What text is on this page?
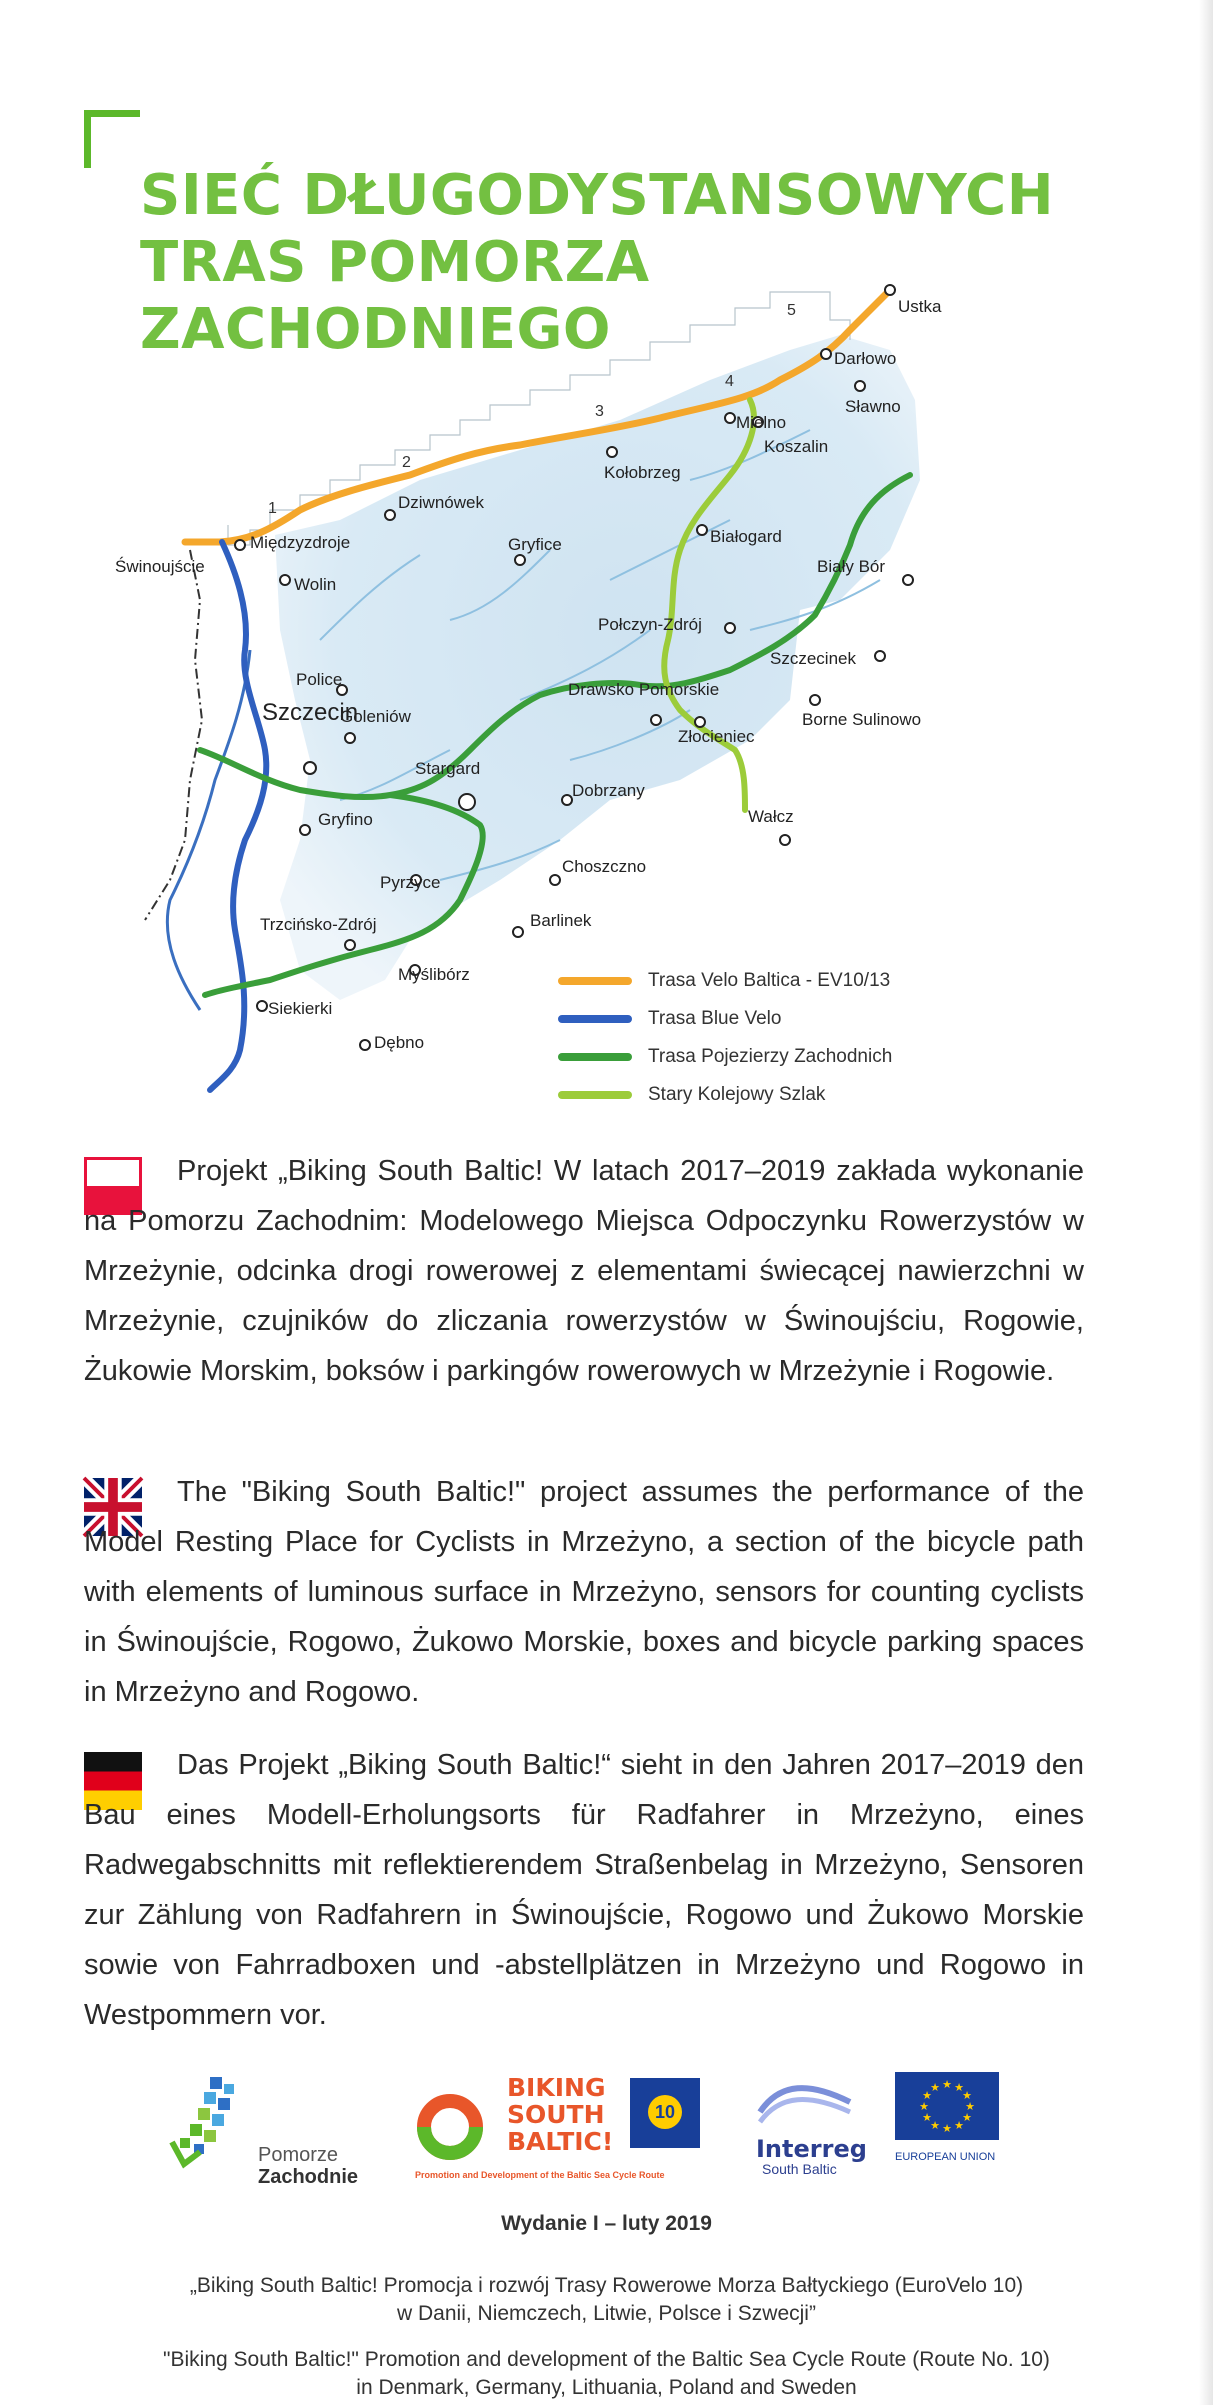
SIEĆ DŁUGODYSTANSOWYCH
TRAS POMORZA
ZACHODNIEGO
1
2
3
4
5	Ustka
Darłowo
Sławno
Mielno
Koszalin
Kołobrzeg
Białogard
Dziwnówek
Międzyzdroje
Świnoujście
Wolin
Gryfice
Biały Bór
Połczyn-Zdrój
Szczecinek
Drawsko Pomorskie
Borne Sulinowo
Złocieniec
Police
Szczecin
Goleniów
Stargard
Dobrzany
Gryfino	Wałcz
Choszczno
Pyrzyce
Trzcińsko-Zdrój	Barlinek
Myślibórz
Siekierki
Dębno
Trasa Velo Baltica - EV10/13
Trasa Blue Velo
Trasa Pojezierzy Zachodnich
Stary Kolejowy Szlak

Projekt „Biking South Baltic! W latach 2017–2019 zakłada wykonanie na Pomorzu Zachodnim: Modelowego Miejsca Odpoczynku Rowerzystów w Mrzeżynie, odcinka drogi rowerowej z elementami świecącej nawierzchni w Mrzeżynie, czujników do zliczania rowerzystów w Świnoujściu, Rogowie, Żukowie Morskim, boksów i parkingów rowerowych w Mrzeżynie i Rogowie.

The "Biking South Baltic!" project assumes the performance of the Model Resting Place for Cyclists in Mrzeżyno, a section of the bicycle path with elements of luminous surface in Mrzeżyno, sensors for counting cyclists in Świnoujście, Rogowo, Żukowo Morskie, boxes and bicycle parking spaces in Mrzeżyno and Rogowo.

Das Projekt „Biking South Baltic!“ sieht in den Jahren 2017–2019 den Bau eines Modell-Erholungsorts für Radfahrer in Mrzeżyno, eines Radwegabschnitts mit reflektierendem Straßenbelag in Mrzeżyno, Sensoren zur Zählung von Radfahrern in Świnoujście, Rogowo und Żukowo Morskie sowie von Fahrradboxen und -abstellplätzen in Mrzeżyno und Rogowo in Westpommern vor.

Pomorze
Zachodnie
BIKING
SOUTH
BALTIC!
Promotion and Development of the Baltic Sea Cycle Route
10
Interreg
South Baltic
★ ★
★
★
★
★
★
★
★
★
★
★
EUROPEAN UNION
Wydanie I – luty 2019
„Biking South Baltic! Promocja i rozwój Trasy Rowerowe Morza Bałtyckiego (EuroVelo 10)
w Danii, Niemczech, Litwie, Polsce i Szwecji”
"Biking South Baltic!" Promotion and development of the Baltic Sea Cycle Route (Route No. 10)
in Denmark, Germany, Lithuania, Poland and Sweden
